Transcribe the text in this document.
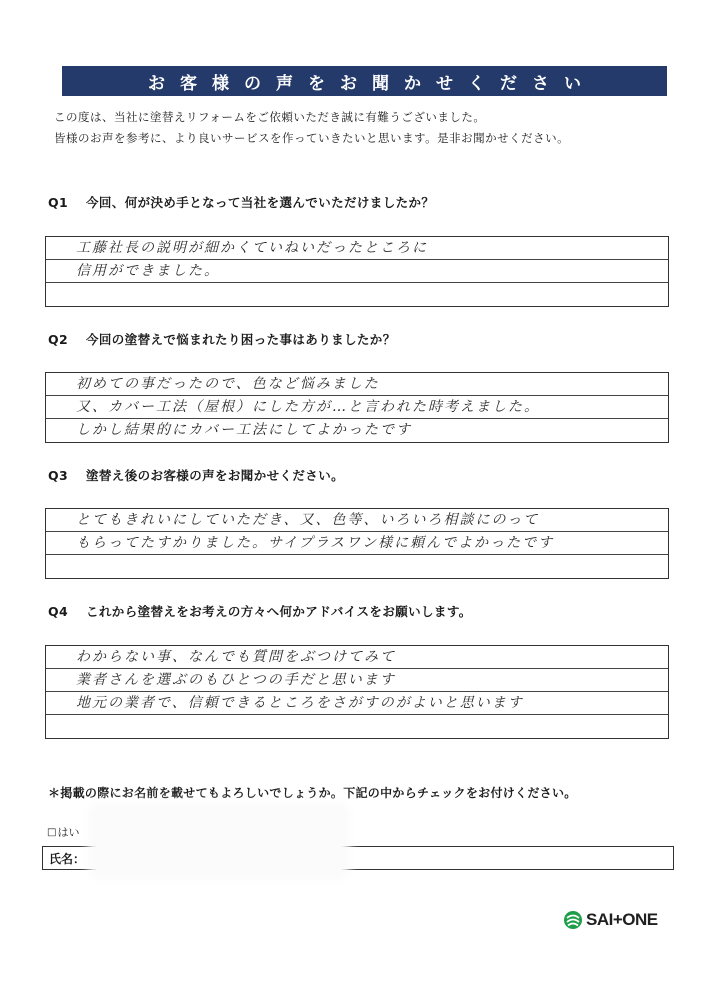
お客様の声をお聞かせください
この度は、当社に塗替えリフォームをご依頼いただき誠に有難うございました。
皆様のお声を参考に、より良いサービスを作っていきたいと思います。是非お聞かせください。
Q1 今回、何が決め手となって当社を選んでいただけましたか？
工藤社長の説明が細かくていねいだったところに
信用ができました。
Q2 今回の塗替えで悩まれたり困った事はありましたか？
初めての事だったので、色など悩みました
又、カバー工法（屋根）にした方が…と言われた時考えました。
しかし結果的にカバー工法にしてよかったです
Q3 塗替え後のお客様の声をお聞かせください。
とてもきれいにしていただき、又、色等、いろいろ相談にのって
もらってたすかりました。サイプラスワン様に頼んでよかったです
Q4 これから塗替えをお考えの方々へ何かアドバイスをお願いします。
わからない事、なんでも質問をぶつけてみて
業者さんを選ぶのもひとつの手だと思います
地元の業者で、信頼できるところをさがすのがよいと思います
＊掲載の際にお名前を載せてもよろしいでしょうか。下記の中からチェックをお付けください。
□ はい
氏名：
SAI+ONE
